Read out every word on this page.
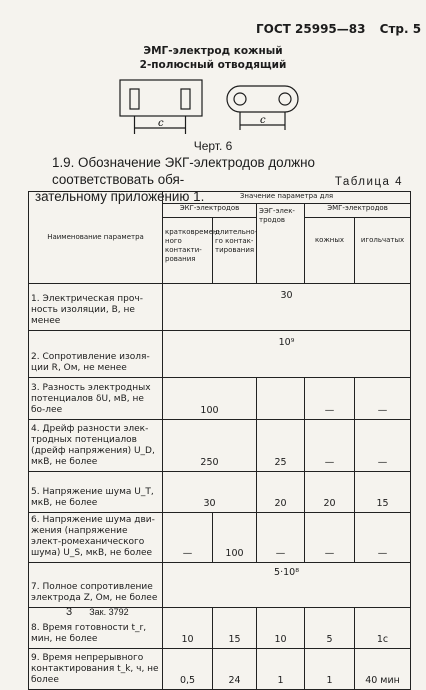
ГОСТ 25995—83 Стр. 5
ЭМГ-электрод кожный
2-полюсный отводящий
c	c
Черт. 6
1.9. Обозначение ЭКГ-электродов должно соответствовать обя-
зательному приложению 1.
Таблица 4
Наименование параметра	Значение параметра для				
	ЭКГ-электродов		ЭЭГ-элек-тродов	ЭМГ-электродов	
	кратковремен-ного контакти-рования	длительно-го контак-тирования		кожных	игольчатых
1. Электрическая проч-ность изоляции, В, не менее	30				
2. Сопротивление изоля-ции R, Ом, не менее	10⁹				
3. Разность электродных потенциалов δU, мВ, не бо-лее	100			—	—
4. Дрейф разности элек-тродных потенциалов (дрейф напряжения) U_D, мкВ, не более	250		25	—	—
5. Напряжение шума U_T, мкВ, не более	30		20	20	15
6. Напряжение шума дви-жения (напряжение элект-ромеханического шума) U_S, мкВ, не более	—	100	—	—	—
7. Полное сопротивление электрода Z, Ом, не более	5·10⁸				
8. Время готовности t_r, мин, не более	10	15	10	5	1c
9. Время непрерывного контактирования t_k, ч, не более	0,5	24	1	1	40 мин
3 Зак. 3792
